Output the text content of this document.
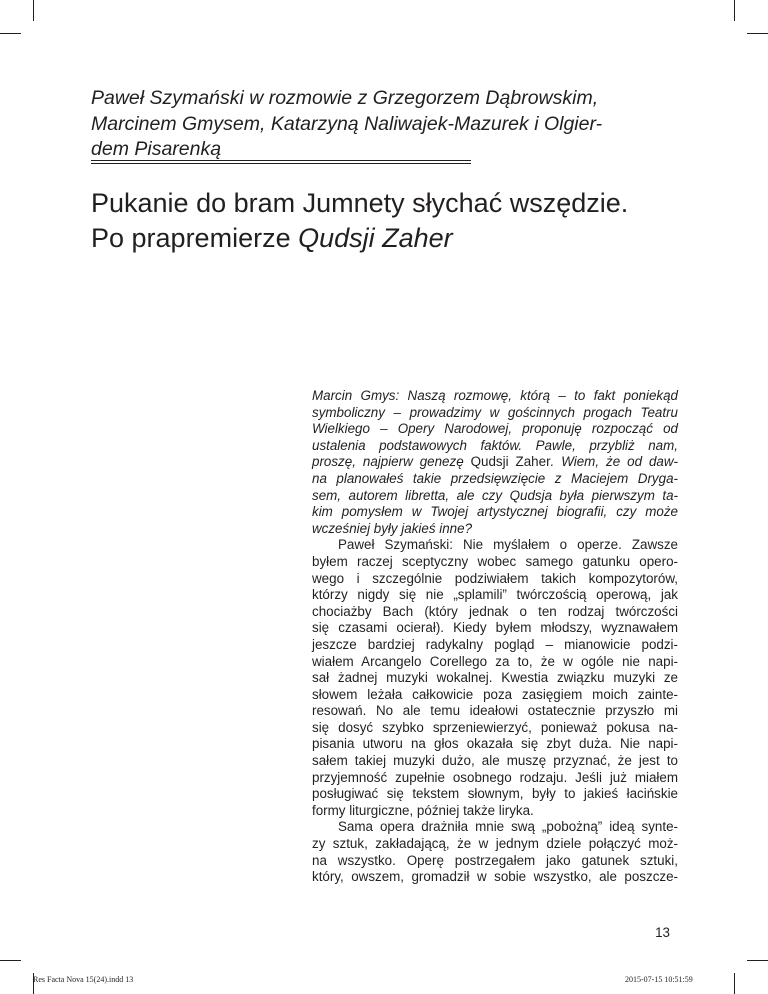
Paweł Szymański w rozmowie z Grzegorzem Dąbrowskim,
Marcinem Gmysem, Katarzyną Naliwajek-Mazurek i Olgier-
dem Pisarenką
Pukanie do bram Jumnety słychać wszędzie.
Po prapremierze Qudsji Zaher
Marcin Gmys: Naszą rozmowę, którą – to fakt poniekąd
symboliczny – prowadzimy w gościnnych progach Teatru
Wielkiego – Opery Narodowej, proponuję rozpocząć od
ustalenia podstawowych faktów. Pawle, przybliż nam,
proszę, najpierw genezę Qudsji Zaher. Wiem, że od daw-
na planowałeś takie przedsięwzięcie z Maciejem Dryga-
sem, autorem libretta, ale czy Qudsja była pierwszym ta-
kim pomysłem w Twojej artystycznej biografii, czy może
wcześniej były jakieś inne?
Paweł Szymański: Nie myślałem o operze. Zawsze
byłem raczej sceptyczny wobec samego gatunku opero-
wego i szczególnie podziwiałem takich kompozytorów,
którzy nigdy się nie „splamili” twórczością operową, jak
chociażby Bach (który jednak o ten rodzaj twórczości
się czasami ocierał). Kiedy byłem młodszy, wyznawałem
jeszcze bardziej radykalny pogląd – mianowicie podzi-
wiałem Arcangelo Corellego za to, że w ogóle nie napi-
sał żadnej muzyki wokalnej. Kwestia związku muzyki ze
słowem leżała całkowicie poza zasięgiem moich zainte-
resowań. No ale temu ideałowi ostatecznie przyszło mi
się dosyć szybko sprzeniewierzyć, ponieważ pokusa na-
pisania utworu na głos okazała się zbyt duża. Nie napi-
sałem takiej muzyki dużo, ale muszę przyznać, że jest to
przyjemność zupełnie osobnego rodzaju. Jeśli już miałem
posługiwać się tekstem słownym, były to jakieś łacińskie
formy liturgiczne, później także liryka.
Sama opera drażniła mnie swą „pobożną” ideą synte-
zy sztuk, zakładającą, że w jednym dziele połączyć moż-
na wszystko. Operę postrzegałem jako gatunek sztuki,
który, owszem, gromadził w sobie wszystko, ale poszcze-
13
Res Facta Nova 15(24).indd 13	2015-07-15 10:51:59
